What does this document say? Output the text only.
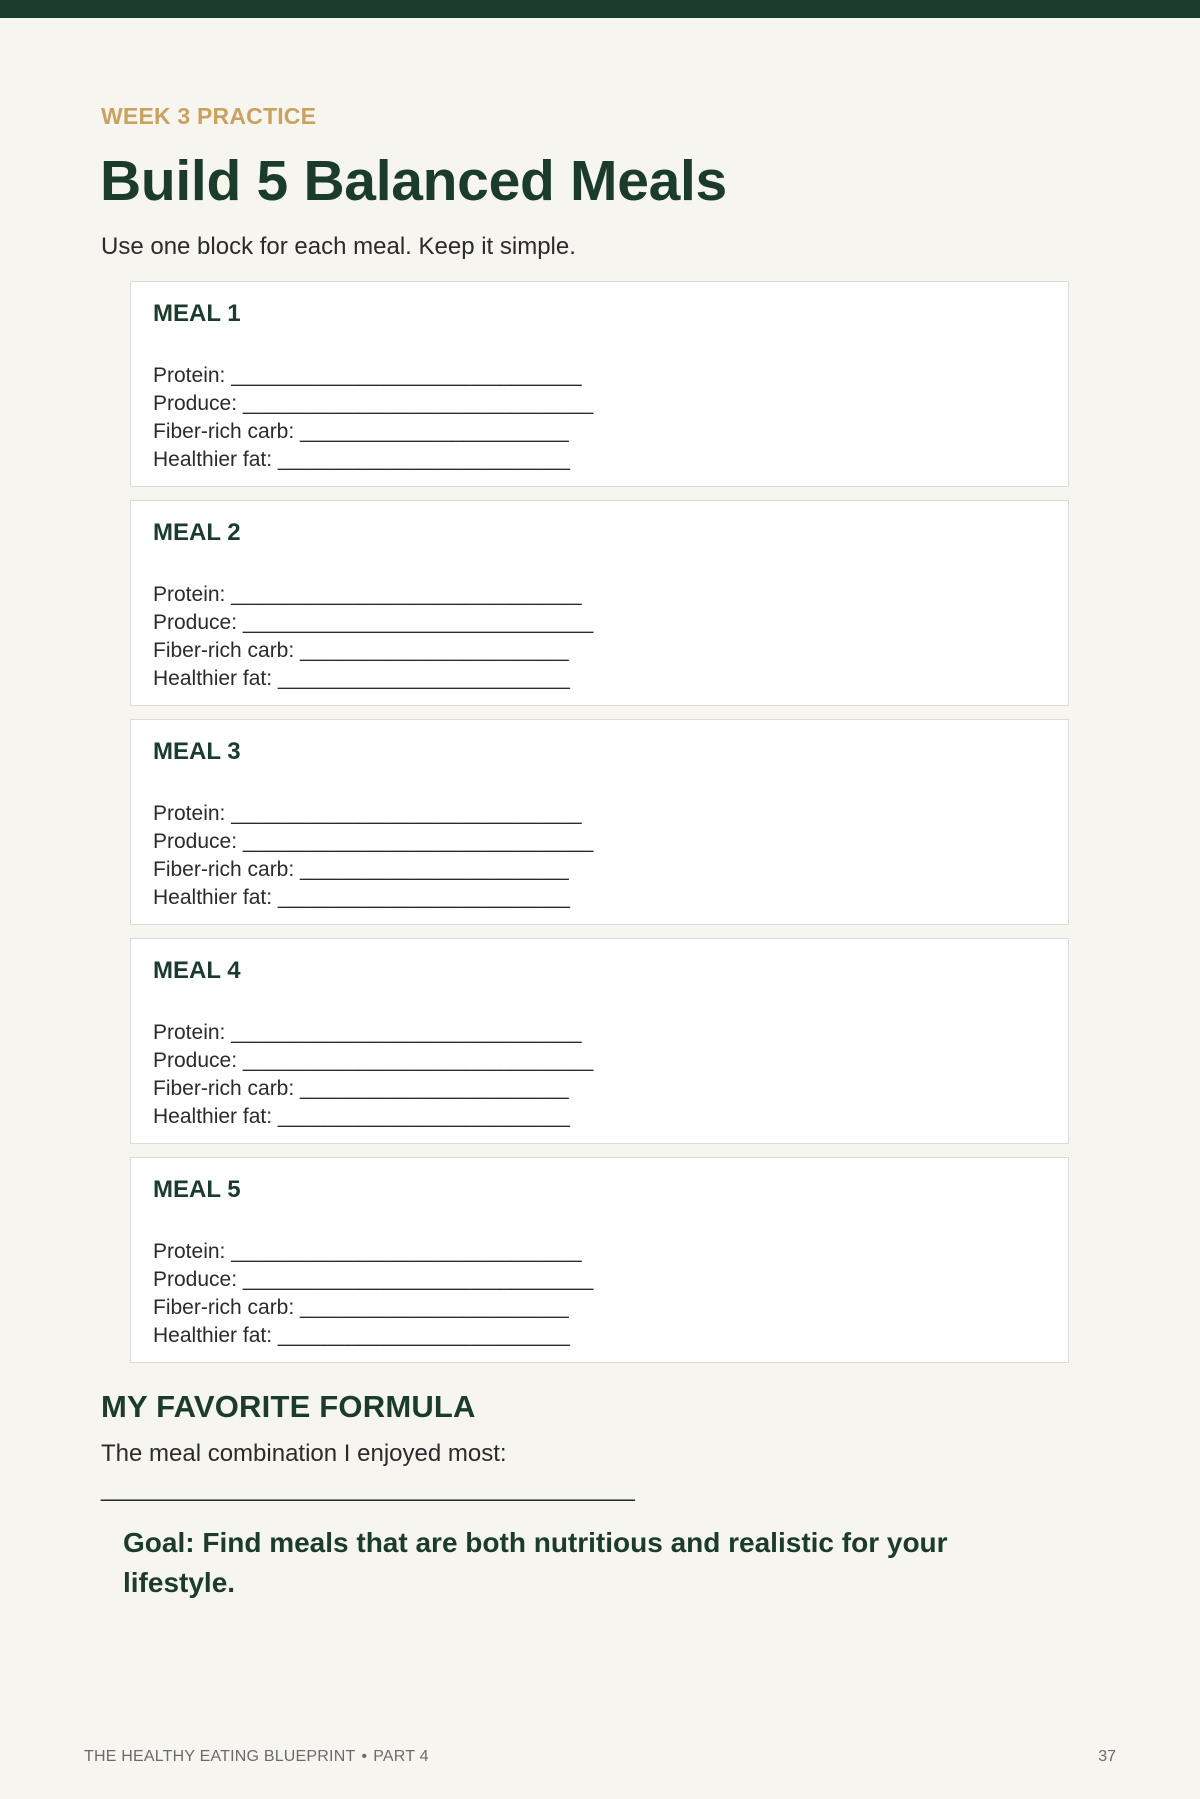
WEEK 3 PRACTICE
Build 5 Balanced Meals
Use one block for each meal. Keep it simple.
MEAL 1
Protein: ______________________________
Produce: ______________________________
Fiber-rich carb: _______________________
Healthier fat: _________________________
MEAL 2
Protein: ______________________________
Produce: ______________________________
Fiber-rich carb: _______________________
Healthier fat: _________________________
MEAL 3
Protein: ______________________________
Produce: ______________________________
Fiber-rich carb: _______________________
Healthier fat: _________________________
MEAL 4
Protein: ______________________________
Produce: ______________________________
Fiber-rich carb: _______________________
Healthier fat: _________________________
MEAL 5
Protein: ______________________________
Produce: ______________________________
Fiber-rich carb: _______________________
Healthier fat: _________________________
MY FAVORITE FORMULA
The meal combination I enjoyed most:
________________________________________
Goal: Find meals that are both nutritious and realistic for your lifestyle.
THE HEALTHY EATING BLUEPRINT • PART 4	37
